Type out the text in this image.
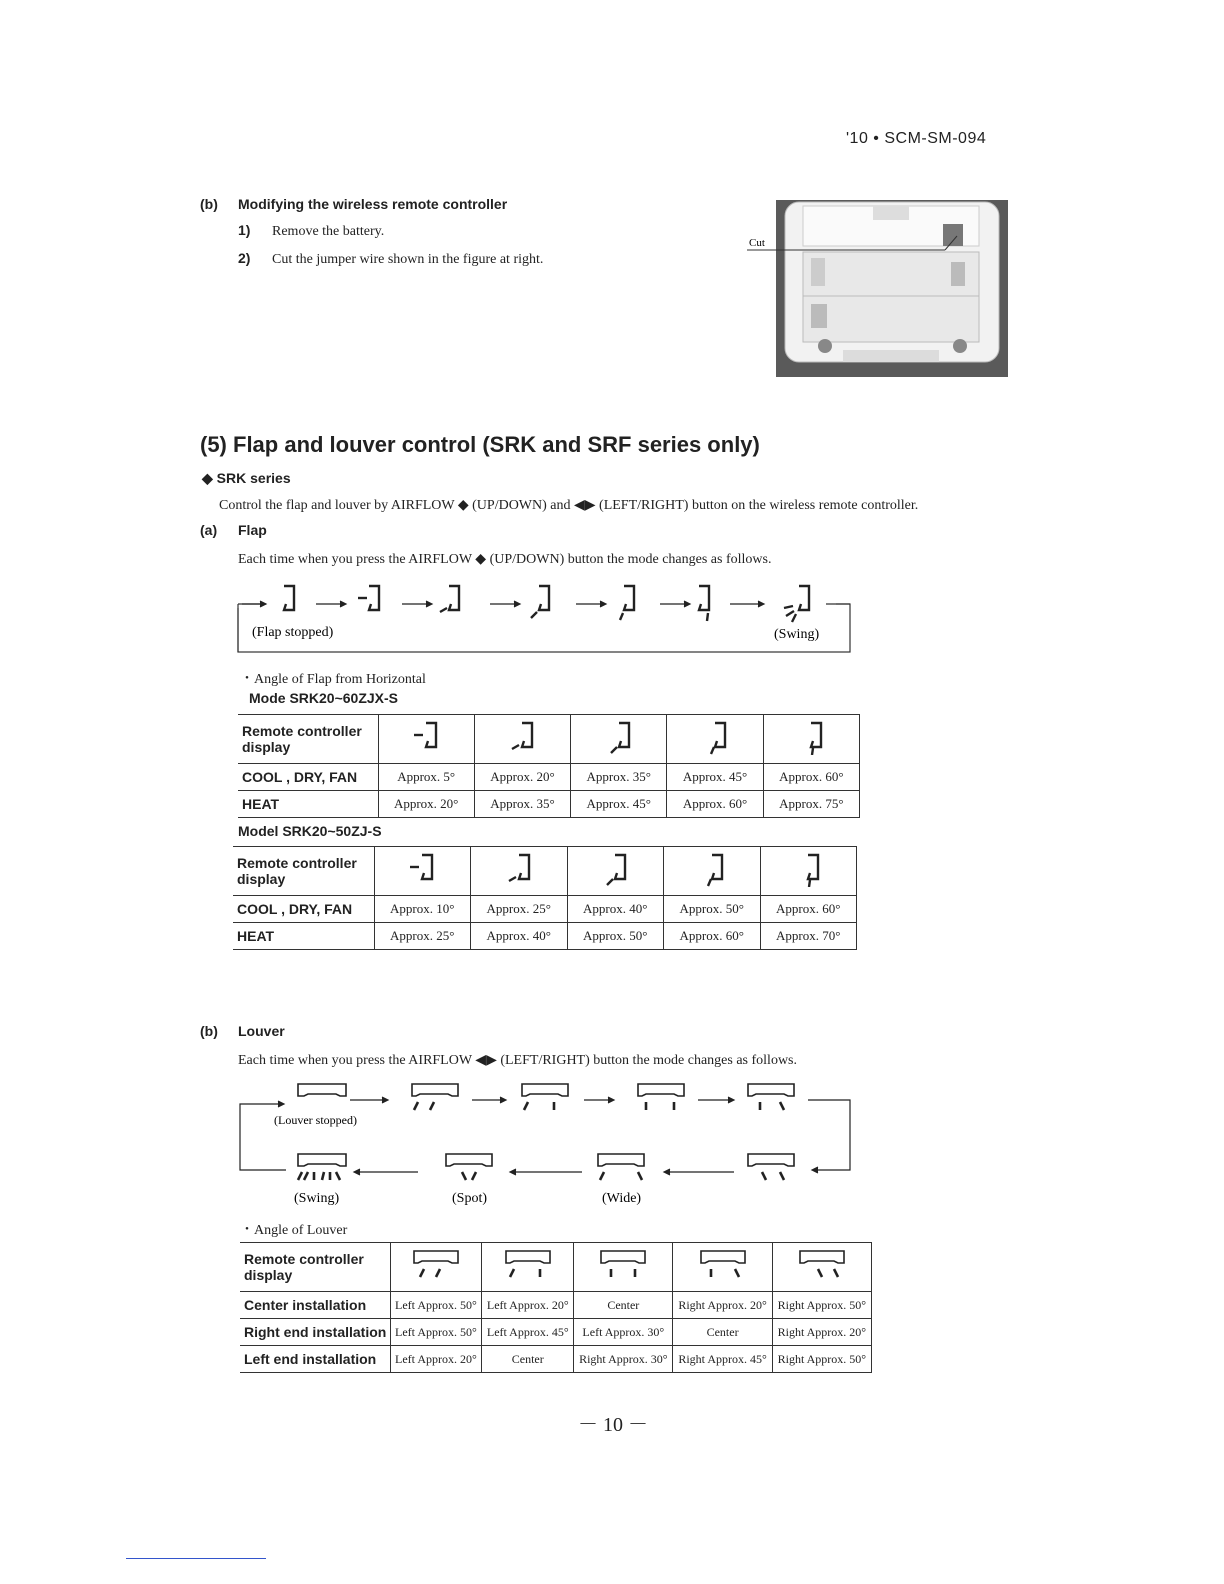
'10 • SCM-SM-094
(b) Modifying the wireless remote controller
1) Remove the battery.
2) Cut the jumper wire shown in the figure at right.
Cut
(5) Flap and louver control (SRK and SRF series only)
◆ SRK series
Control the flap and louver by AIRFLOW ◆ (UP/DOWN) and ◀▶ (LEFT/RIGHT) button on the wireless remote controller.
(a) Flap
Each time when you press the AIRFLOW ◆ (UP/DOWN) button the mode changes as follows.
(Flap stopped)	(Swing)
・Angle of Flap from Horizontal
Mode SRK20~60ZJX-S
Remote controller display					
COOL , DRY, FAN	Approx. 5°	Approx. 20°	Approx. 35°	Approx. 45°	Approx. 60°
HEAT	Approx. 20°	Approx. 35°	Approx. 45°	Approx. 60°	Approx. 75°
Model SRK20~50ZJ-S
Remote controller display					
COOL , DRY, FAN	Approx. 10°	Approx. 25°	Approx. 40°	Approx. 50°	Approx. 60°
HEAT	Approx. 25°	Approx. 40°	Approx. 50°	Approx. 60°	Approx. 70°
(b) Louver
Each time when you press the AIRFLOW ◀▶ (LEFT/RIGHT) button the mode changes as follows.
(Louver stopped)
(Swing)	(Spot)	(Wide)
・Angle of Louver
Remote controller display					
Center installation	Left Approx. 50°	Left Approx. 20°	Center	Right Approx. 20°	Right Approx. 50°
Right end installation	Left Approx. 50°	Left Approx. 45°	Left Approx. 30°	Center	Right Approx. 20°
Left end installation	Left Approx. 20°	Center	Right Approx. 30°	Right Approx. 45°	Right Approx. 50°
－ 10 －
